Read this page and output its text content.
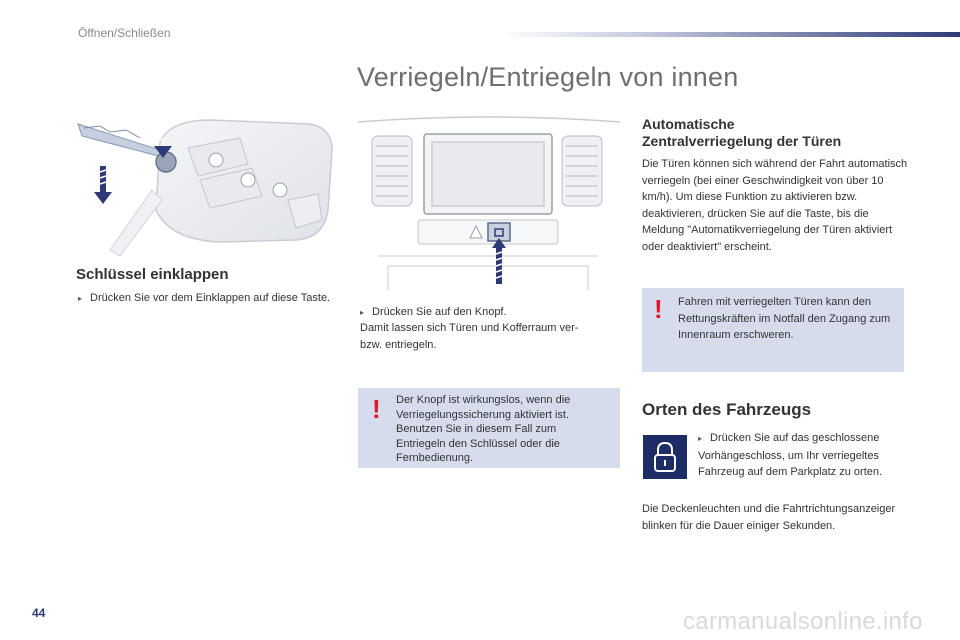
Öffnen/Schließen
Verriegeln/Entriegeln von innen
Schlüssel einklappen
▸ Drücken Sie vor dem Einklappen auf diese Taste.
▸ Drücken Sie auf den Knopf.
Damit lassen sich Türen und Kofferraum ver- bzw. entriegeln.
! Der Knopf ist wirkungslos, wenn die Verriegelungssicherung aktiviert ist. Benutzen Sie in diesem Fall zum Entriegeln den Schlüssel oder die Fernbedienung.
Automatische
Zentralverriegelung der Türen
Die Türen können sich während der Fahrt automatisch verriegeln (bei einer Geschwindigkeit von über 10 km/h). Um diese Funktion zu aktivieren bzw. deaktivieren, drücken Sie auf die Taste, bis die Meldung "Automatikverriegelung der Türen aktiviert oder deaktiviert" erscheint.
! Fahren mit verriegelten Türen kann den Rettungskräften im Notfall den Zugang zum Innenraum erschweren.
Orten des Fahrzeugs
▸ Drücken Sie auf das geschlossene Vorhängeschloss, um Ihr verriegeltes Fahrzeug auf dem Parkplatz zu orten.
Die Deckenleuchten und die Fahrtrichtungsanzeiger blinken für die Dauer einiger Sekunden.
44	carmanualsonline.info
